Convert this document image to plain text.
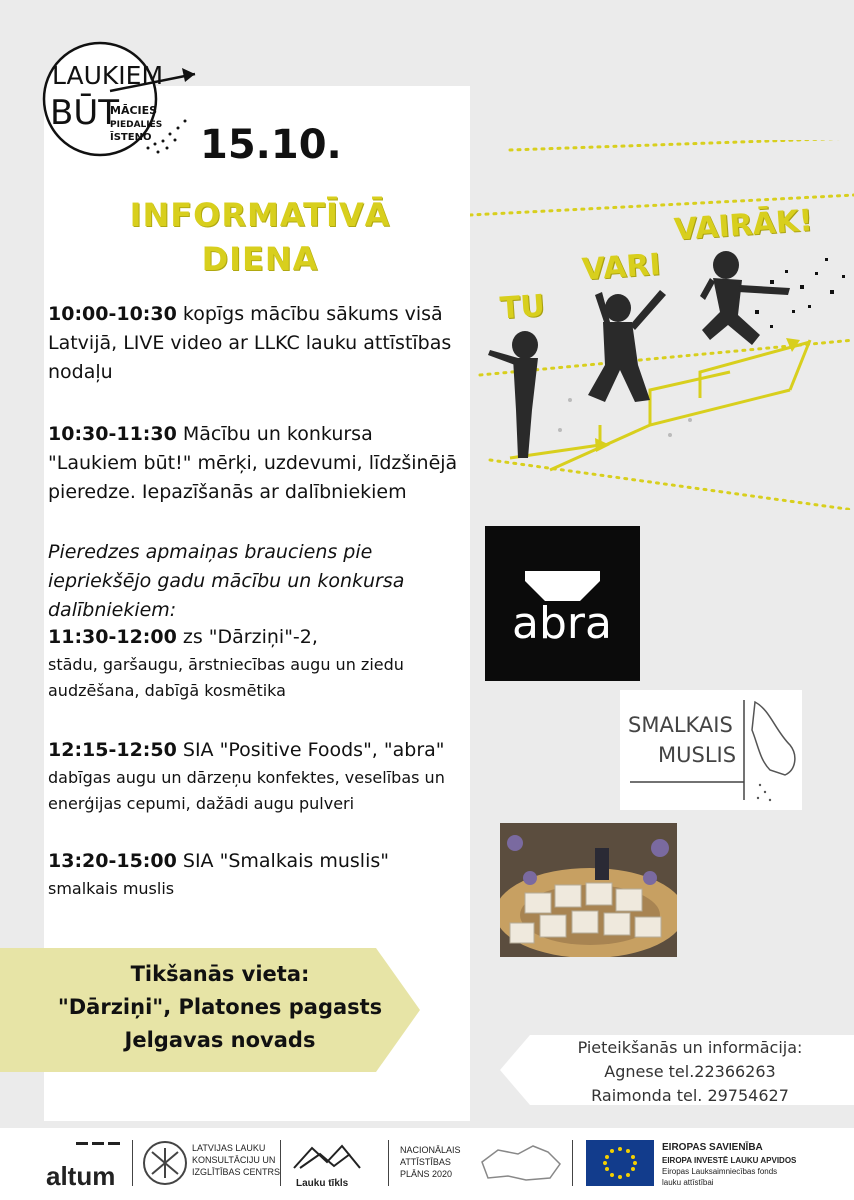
LAUKIEM
BŪT
MĀCIES
PIEDALIES
ĪSTENO 15.10.
INFORMATĪVĀ
DIENA
10:00-10:30 kopīgs mācību sākums visā Latvijā, LIVE video ar LLKC lauku attīstības nodaļu
10:30-11:30 Mācību un konkursa "Laukiem būt!" mērķi, uzdevumi, līdzšinējā pieredze. Iepazīšanās ar dalībniekiem
Pieredzes apmaiņas brauciens pie iepriekšējo gadu mācību un konkursa dalībniekiem:
11:30-12:00 zs "Dārziņi"-2,
stādu, garšaugu, ārstniecības augu un ziedu audzēšana, dabīgā kosmētika
12:15-12:50 SIA "Positive Foods", "abra"
dabīgas augu un dārzeņu konfektes, veselības un enerģijas cepumi, dažādi augu pulveri
13:20-15:00 SIA "Smalkais muslis"
smalkais muslis
Tikšanās vieta:
"Dārziņi", Platones pagasts
Jelgavas novads
TU
VARI
VAIRĀK!
abra
SMALKAIS
MUSLIS
Pieteikšanās un informācija:
Agnese tel.22366263
Raimonda tel. 29754627
altum
LATVIJAS LAUKU
KONSULTĀCIJU UN
IZGLĪTĪBAS CENTRS
Lauku tīkls
NACIONĀLAIS
ATTĪSTĪBAS
PLĀNS 2020
EIROPAS SAVIENĪBA
EIROPA INVESTĒ LAUKU APVIDOS
Eiropas Lauksaimniecības fonds
lauku attīstībai
